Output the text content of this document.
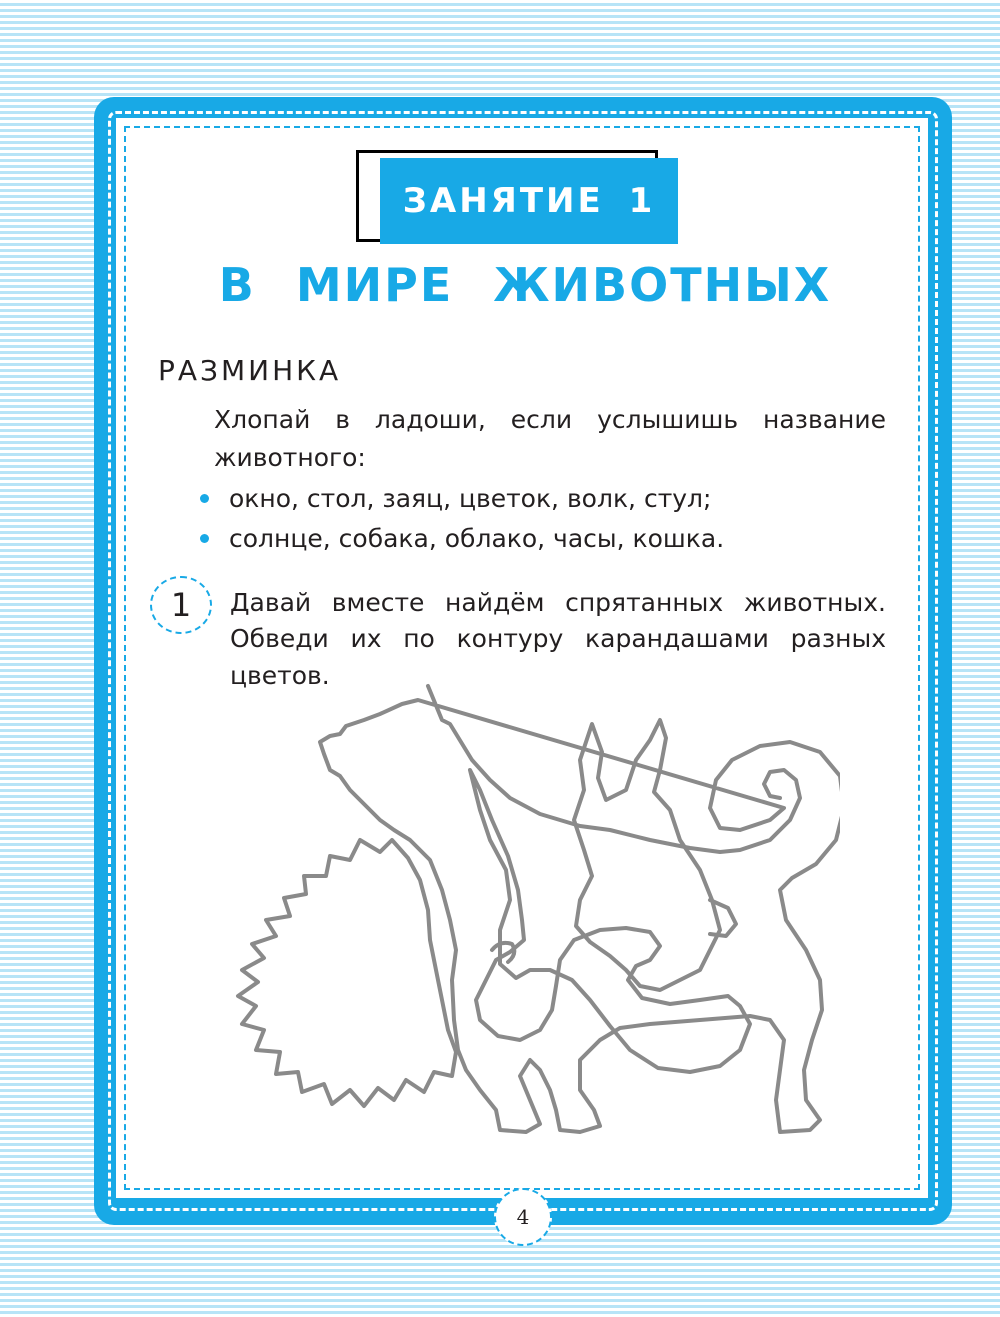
ЗАНЯТИЕ 1
В МИРЕ ЖИВОТНЫХ
РАЗМИНКА
Хлопай в ладоши, если услышишь название животного:
окно, стол, заяц, цветок, волк, стул;
солнце, собака, облако, часы, кошка.
1 Давай вместе найдём спрятанных животных. Обведи их по контуру карандашами разных цветов.
4
